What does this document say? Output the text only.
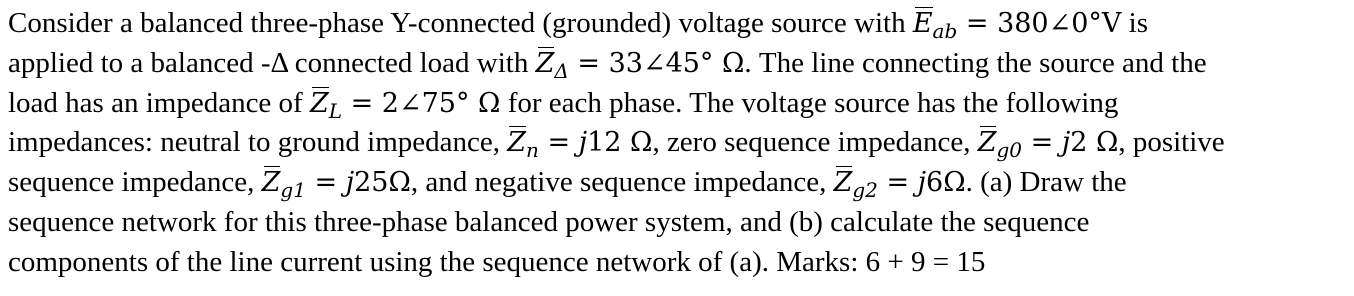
Consider a balanced three-phase Y-connected (grounded) voltage source with $E_{ab}$ = 380∠0°V is
applied to a balanced -Δ connected load with $Z_\Delta$ = 33∠45° Ω. The line connecting the source and the
load has an impedance of $Z_L$ = 2∠75° Ω for each phase. The voltage source has the following
impedances: neutral to ground impedance, $Z_n = j12$ Ω, zero sequence impedance, $Z_{g0} = j2$ Ω, positive
sequence impedance, $Z_{g1} = j25\Omega$, and negative sequence impedance, $Z_{g2} = j6\Omega$. (a) Draw the
sequence network for this three-phase balanced power system, and (b) calculate the sequence
components of the line current using the sequence network of (a). Marks: 6 + 9 = 15
